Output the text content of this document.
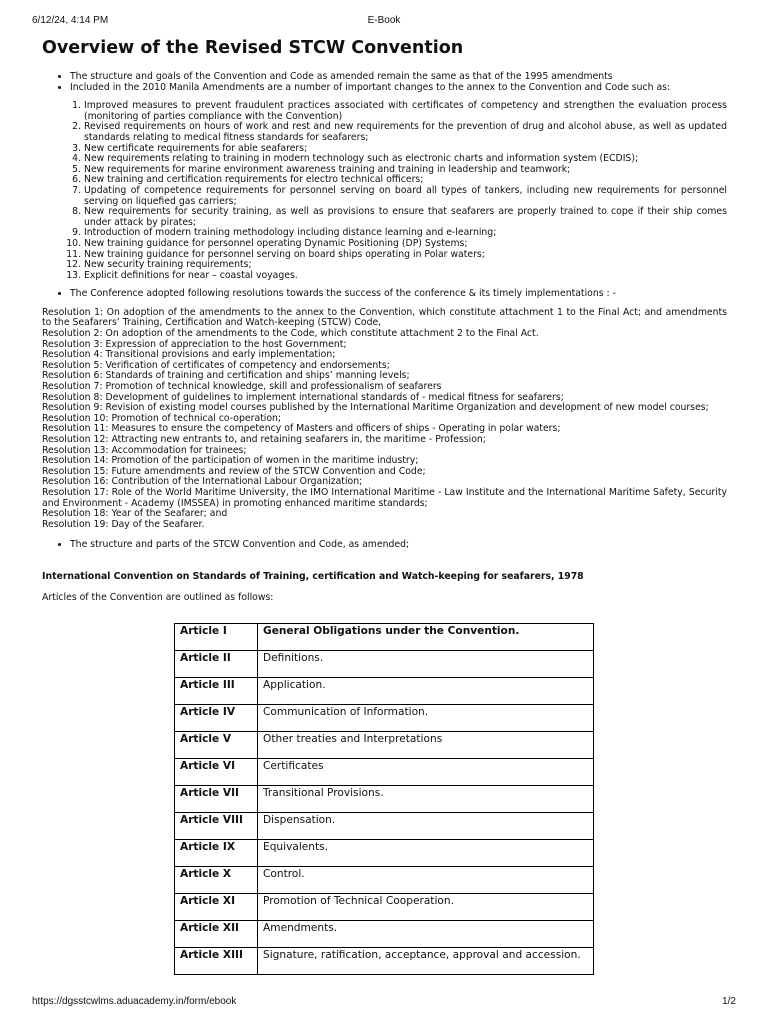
6/12/24, 4:14 PM	E-Book
Overview of the Revised STCW Convention
• The structure and goals of the Convention and Code as amended remain the same as that of the 1995 amendments
• Included in the 2010 Manila Amendments are a number of important changes to the annex to the Convention and Code such as:
1. Improved measures to prevent fraudulent practices associated with certificates of competency and strengthen the evaluation process (monitoring of parties compliance with the Convention)
2. Revised requirements on hours of work and rest and new requirements for the prevention of drug and alcohol abuse, as well as updated standards relating to medical fitness standards for seafarers;
3. New certificate requirements for able seafarers;
4. New requirements relating to training in modern technology such as electronic charts and information system (ECDIS);
5. New requirements for marine environment awareness training and training in leadership and teamwork;
6. New training and certification requirements for electro technical officers;
7. Updating of competence requirements for personnel serving on board all types of tankers, including new requirements for personnel serving on liquefied gas carriers;
8. New requirements for security training, as well as provisions to ensure that seafarers are properly trained to cope if their ship comes under attack by pirates;
9. Introduction of modern training methodology including distance learning and e-learning;
10. New training guidance for personnel operating Dynamic Positioning (DP) Systems;
11. New training guidance for personnel serving on board ships operating in Polar waters;
12. New security training requirements;
13. Explicit definitions for near – coastal voyages.
• The Conference adopted following resolutions towards the success of the conference & its timely implementations : -

Resolution 1: On adoption of the amendments to the annex to the Convention, which constitute attachment 1 to the Final Act; and amendments to the Seafarers’ Training, Certification and Watch-keeping (STCW) Code,

Resolution 2: On adoption of the amendments to the Code, which constitute attachment 2 to the Final Act.

Resolution 3: Expression of appreciation to the host Government;

Resolution 4: Transitional provisions and early implementation;

Resolution 5: Verification of certificates of competency and endorsements;

Resolution 6: Standards of training and certification and ships’ manning levels;

Resolution 7: Promotion of technical knowledge, skill and professionalism of seafarers

Resolution 8: Development of guidelines to implement international standards of - medical fitness for seafarers;

Resolution 9: Revision of existing model courses published by the International Maritime Organization and development of new model courses;

Resolution 10: Promotion of technical co-operation;

Resolution 11: Measures to ensure the competency of Masters and officers of ships - Operating in polar waters;

Resolution 12: Attracting new entrants to, and retaining seafarers in, the maritime - Profession;

Resolution 13: Accommodation for trainees;

Resolution 14: Promotion of the participation of women in the maritime industry;

Resolution 15: Future amendments and review of the STCW Convention and Code;

Resolution 16: Contribution of the International Labour Organization;

Resolution 17: Role of the World Maritime University, the IMO International Maritime - Law Institute and the International Maritime Safety, Security and Environment - Academy (IMSSEA) in promoting enhanced maritime standards;

Resolution 18: Year of the Seafarer; and

Resolution 19: Day of the Seafarer.

• The structure and parts of the STCW Convention and Code, as amended;
International Convention on Standards of Training, certification and Watch-keeping for seafarers, 1978
Articles of the Convention are outlined as follows:
Article I	General Obligations under the Convention.
Article II	Definitions.
Article III	Application.
Article IV	Communication of Information.
Article V	Other treaties and Interpretations
Article VI	Certificates
Article VII	Transitional Provisions.
Article VIII	Dispensation.
Article IX	Equivalents.
Article X	Control.
Article XI	Promotion of Technical Cooperation.
Article XII	Amendments.
Article XIII	Signature, ratification, acceptance, approval and accession.
https://dgsstcwlms.aduacademy.in/form/ebook	1/2
